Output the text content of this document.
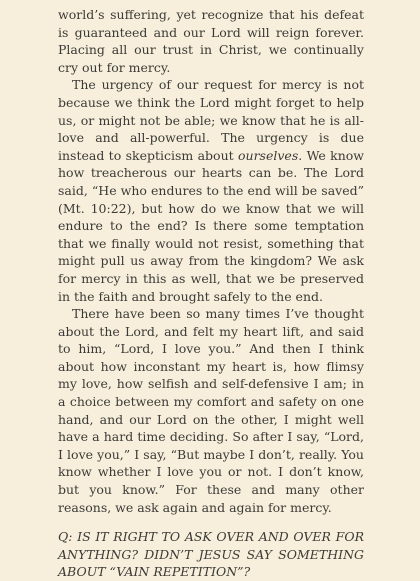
world’s suffering, yet recognize that his defeat is guaranteed and our Lord will reign forever. Placing all our trust in Christ, we continually cry out for mercy.

The urgency of our request for mercy is not because we think the Lord might forget to help us, or might not be able; we know that he is all-love and all-powerful. The urgency is due instead to skepticism about ourselves. We know how treacherous our hearts can be. The Lord said, “He who endures to the end will be saved” (Mt. 10:22), but how do we know that we will endure to the end? Is there some temptation that we finally would not resist, something that might pull us away from the kingdom? We ask for mercy in this as well, that we be preserved in the faith and brought safely to the end.

There have been so many times I’ve thought about the Lord, and felt my heart lift, and said to him, “Lord, I love you.” And then I think about how inconstant my heart is, how flimsy my love, how selfish and self-defensive I am; in a choice between my comfort and safety on one hand, and our Lord on the other, I might well have a hard time deciding. So after I say, “Lord, I love you,” I say, “But maybe I don’t, really. You know whether I love you or not. I don’t know, but you know.” For these and many other reasons, we ask again and again for mercy.

Q: IS IT RIGHT TO ASK OVER AND OVER FOR ANYTHING? DIDN’T JESUS SAY SOMETHING ABOUT “VAIN REPETITION”?
